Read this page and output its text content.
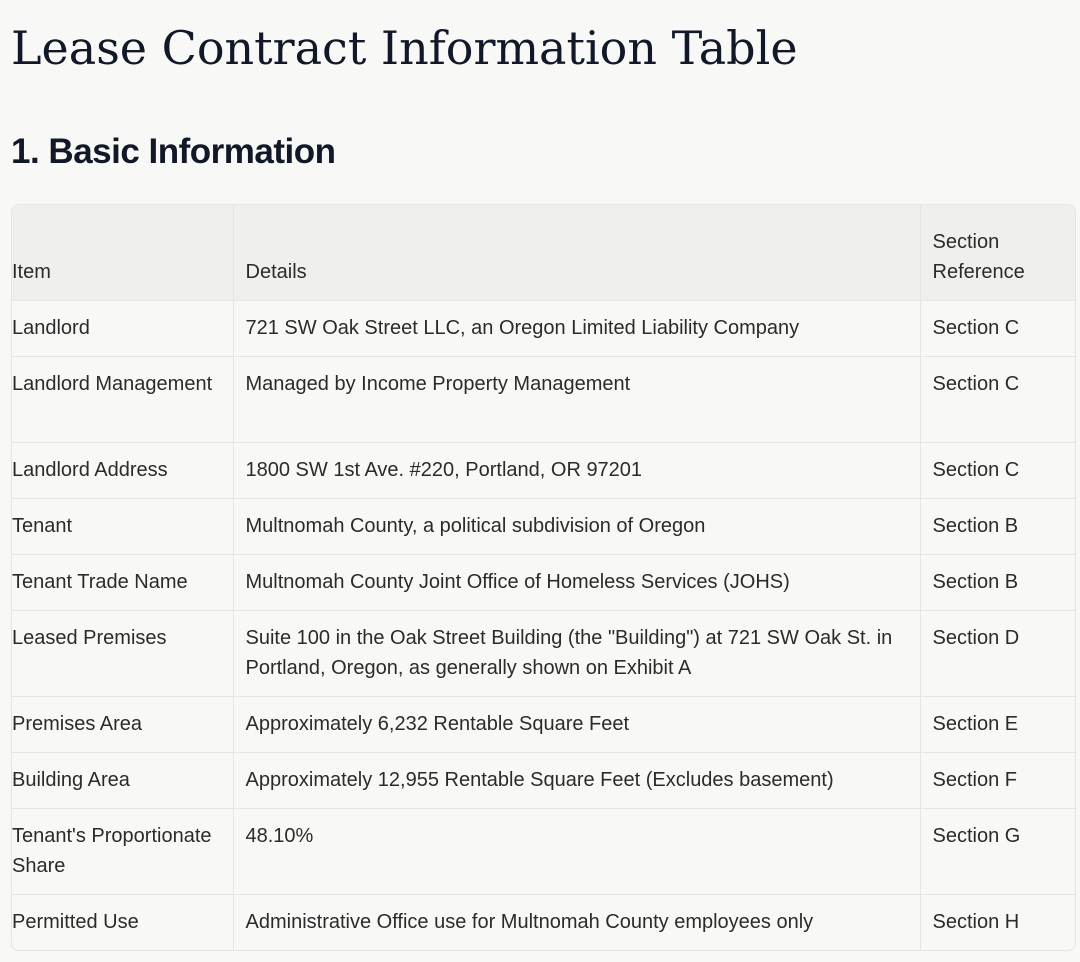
Lease Contract Information Table
1. Basic Information
Item	Details	Section
Reference
Landlord	721 SW Oak Street LLC, an Oregon Limited Liability Company	Section C
Landlord Management	Managed by Income Property Management	Section C
Landlord Address	1800 SW 1st Ave. #220, Portland, OR 97201	Section C
Tenant	Multnomah County, a political subdivision of Oregon	Section B
Tenant Trade Name	Multnomah County Joint Office of Homeless Services (JOHS)	Section B
Leased Premises	Suite 100 in the Oak Street Building (the "Building") at 721 SW Oak St. in Portland, Oregon, as generally shown on Exhibit A	Section D
Premises Area	Approximately 6,232 Rentable Square Feet	Section E
Building Area	Approximately 12,955 Rentable Square Feet (Excludes basement)	Section F
Tenant's Proportionate Share	48.10%	Section G
Permitted Use	Administrative Office use for Multnomah County employees only	Section H
